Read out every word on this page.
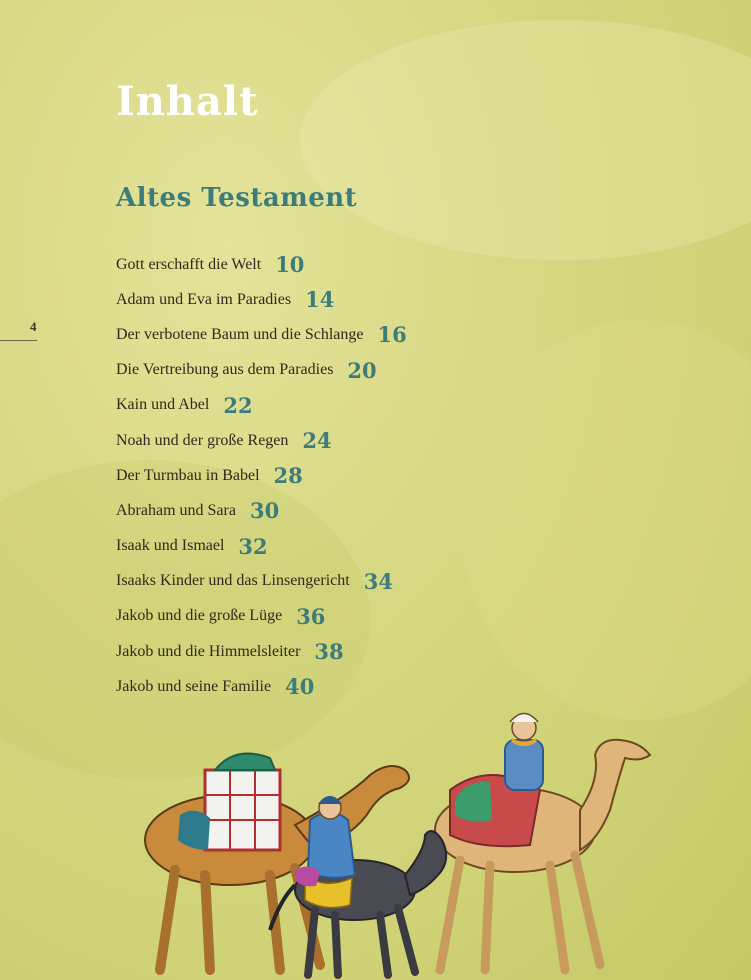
Inhalt
Altes Testament
4
Gott erschafft die Welt 10
Adam und Eva im Paradies 14
Der verbotene Baum und die Schlange 16
Die Vertreibung aus dem Paradies 20
Kain und Abel 22
Noah und der große Regen 24
Der Turmbau in Babel 28
Abraham und Sara 30
Isaak und Ismael 32
Isaaks Kinder und das Linsengericht 34
Jakob und die große Lüge 36
Jakob und die Himmelsleiter 38
Jakob und seine Familie 40
